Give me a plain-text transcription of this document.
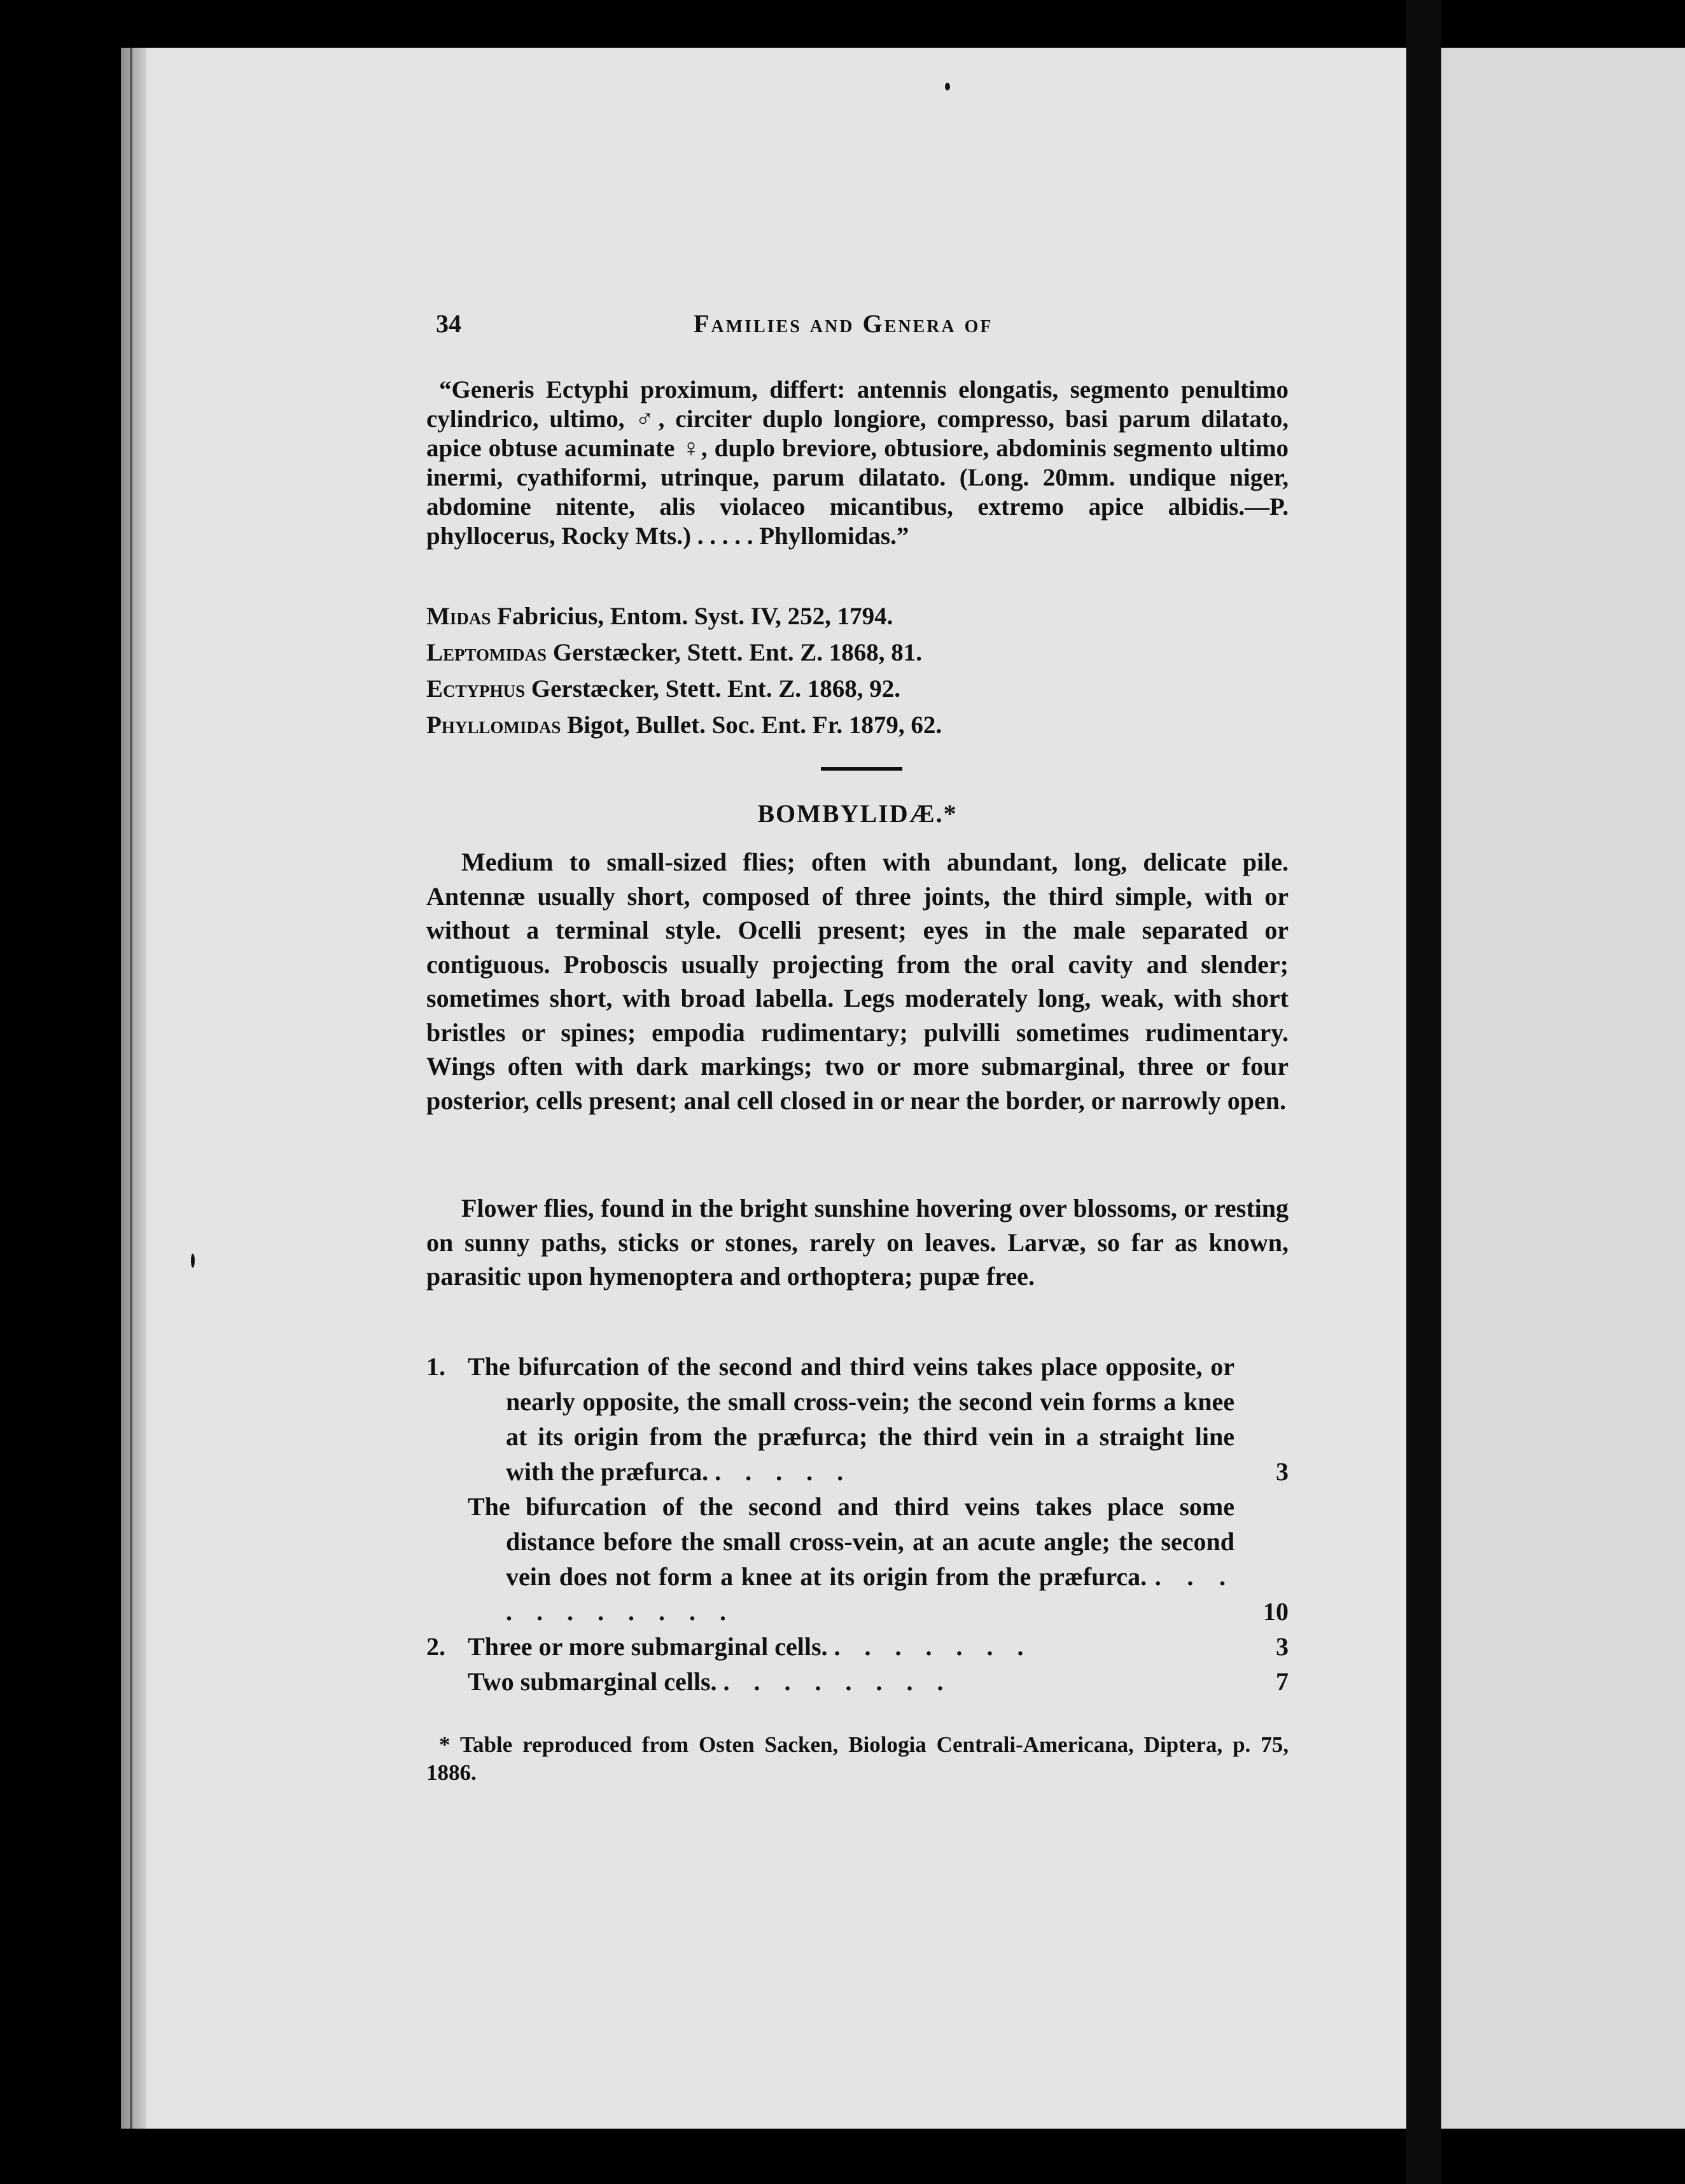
34	Families and Genera of
“Generis Ectyphi proximum, differt: antennis elongatis, segmento penultimo cylindrico, ultimo, ♂, circiter duplo longiore, compresso, basi parum dilatato, apice obtuse acuminate ♀, duplo breviore, obtusiore, abdominis segmento ultimo inermi, cyathiformi, utrinque, parum dilatato. (Long. 20mm. undique niger, abdomine nitente, alis violaceo micantibus, extremo apice albidis.—P. phyllocerus, Rocky Mts.) . . . . . Phyllomidas.”
Midas Fabricius, Entom. Syst. IV, 252, 1794.
Leptomidas Gerstæcker, Stett. Ent. Z. 1868, 81.
Ectyphus Gerstæcker, Stett. Ent. Z. 1868, 92.
Phyllomidas Bigot, Bullet. Soc. Ent. Fr. 1879, 62.
BOMBYLIDÆ.*
Medium to small-sized flies; often with abundant, long, delicate pile. Antennæ usually short, composed of three joints, the third simple, with or without a terminal style. Ocelli present; eyes in the male separated or contiguous. Proboscis usually projecting from the oral cavity and slender; sometimes short, with broad labella. Legs moderately long, weak, with short bristles or spines; empodia rudimentary; pulvilli sometimes rudimentary. Wings often with dark markings; two or more submarginal, three or four posterior, cells present; anal cell closed in or near the border, or narrowly open.
Flower flies, found in the bright sunshine hovering over blossoms, or resting on sunny paths, sticks or stones, rarely on leaves. Larvæ, so far as known, parasitic upon hymenoptera and orthoptera; pupæ free.
1. The bifurcation of the second and third veins takes place opposite, or nearly opposite, the small cross-vein; the second vein forms a knee at its origin from the præfurca; the third vein in a straight line with the præfurca. . . . . .	3
The bifurcation of the second and third veins takes place some distance before the small cross-vein, at an acute angle; the second vein does not form a knee at its origin from the præfurca. . . . . . . . . . . .	10
2. Three or more submarginal cells. . . . . . . .	3
Two submarginal cells. . . . . . . . .	7
* Table reproduced from Osten Sacken, Biologia Centrali-Americana, Diptera, p. 75, 1886.
